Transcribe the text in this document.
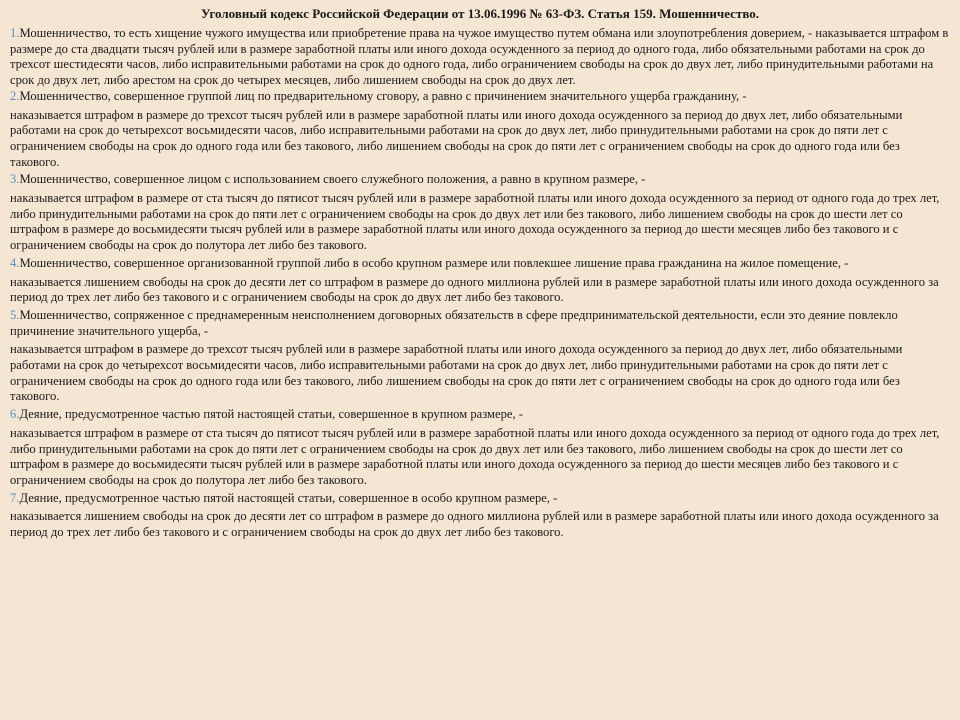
Уголовный кодекс Российской Федерации от 13.06.1996 № 63-ФЗ. Статья 159. Мошенничество.
1.Мошенничество, то есть хищение чужого имущества или приобретение права на чужое имущество путем обмана или злоупотребления доверием, - наказывается штрафом в размере до ста двадцати тысяч рублей или в размере заработной платы или иного дохода осужденного за период до одного года, либо обязательными работами на срок до трехсот шестидесяти часов, либо исправительными работами на срок до одного года, либо ограничением свободы на срок до двух лет, либо принудительными работами на срок до двух лет, либо арестом на срок до четырех месяцев, либо лишением свободы на срок до двух лет.
2.Мошенничество, совершенное группой лиц по предварительному сговору, а равно с причинением значительного ущерба гражданину, -
наказывается штрафом в размере до трехсот тысяч рублей или в размере заработной платы или иного дохода осужденного за период до двух лет, либо обязательными работами на срок до четырехсот восьмидесяти часов, либо исправительными работами на срок до двух лет, либо принудительными работами на срок до пяти лет с ограничением свободы на срок до одного года или без такового, либо лишением свободы на срок до пяти лет с ограничением свободы на срок до одного года или без такового.
3.Мошенничество, совершенное лицом с использованием своего служебного положения, а равно в крупном размере, -
наказывается штрафом в размере от ста тысяч до пятисот тысяч рублей или в размере заработной платы или иного дохода осужденного за период от одного года до трех лет, либо принудительными работами на срок до пяти лет с ограничением свободы на срок до двух лет или без такового, либо лишением свободы на срок до шести лет со штрафом в размере до восьмидесяти тысяч рублей или в размере заработной платы или иного дохода осужденного за период до шести месяцев либо без такового и с ограничением свободы на срок до полутора лет либо без такового.
4.Мошенничество, совершенное организованной группой либо в особо крупном размере или повлекшее лишение права гражданина на жилое помещение, -
наказывается лишением свободы на срок до десяти лет со штрафом в размере до одного миллиона рублей или в размере заработной платы или иного дохода осужденного за период до трех лет либо без такового и с ограничением свободы на срок до двух лет либо без такового.
5.Мошенничество, сопряженное с преднамеренным неисполнением договорных обязательств в сфере предпринимательской деятельности, если это деяние повлекло причинение значительного ущерба, -
наказывается штрафом в размере до трехсот тысяч рублей или в размере заработной платы или иного дохода осужденного за период до двух лет, либо обязательными работами на срок до четырехсот восьмидесяти часов, либо исправительными работами на срок до двух лет, либо принудительными работами на срок до пяти лет с ограничением свободы на срок до одного года или без такового, либо лишением свободы на срок до пяти лет с ограничением свободы на срок до одного года или без такового.
6.Деяние, предусмотренное частью пятой настоящей статьи, совершенное в крупном размере, -
наказывается штрафом в размере от ста тысяч до пятисот тысяч рублей или в размере заработной платы или иного дохода осужденного за период от одного года до трех лет, либо принудительными работами на срок до пяти лет с ограничением свободы на срок до двух лет или без такового, либо лишением свободы на срок до шести лет со штрафом в размере до восьмидесяти тысяч рублей или в размере заработной платы или иного дохода осужденного за период до шести месяцев либо без такового и с ограничением свободы на срок до полутора лет либо без такового.
7.Деяние, предусмотренное частью пятой настоящей статьи, совершенное в особо крупном размере, -
наказывается лишением свободы на срок до десяти лет со штрафом в размере до одного миллиона рублей или в размере заработной платы или иного дохода осужденного за период до трех лет либо без такового и с ограничением свободы на срок до двух лет либо без такового.
